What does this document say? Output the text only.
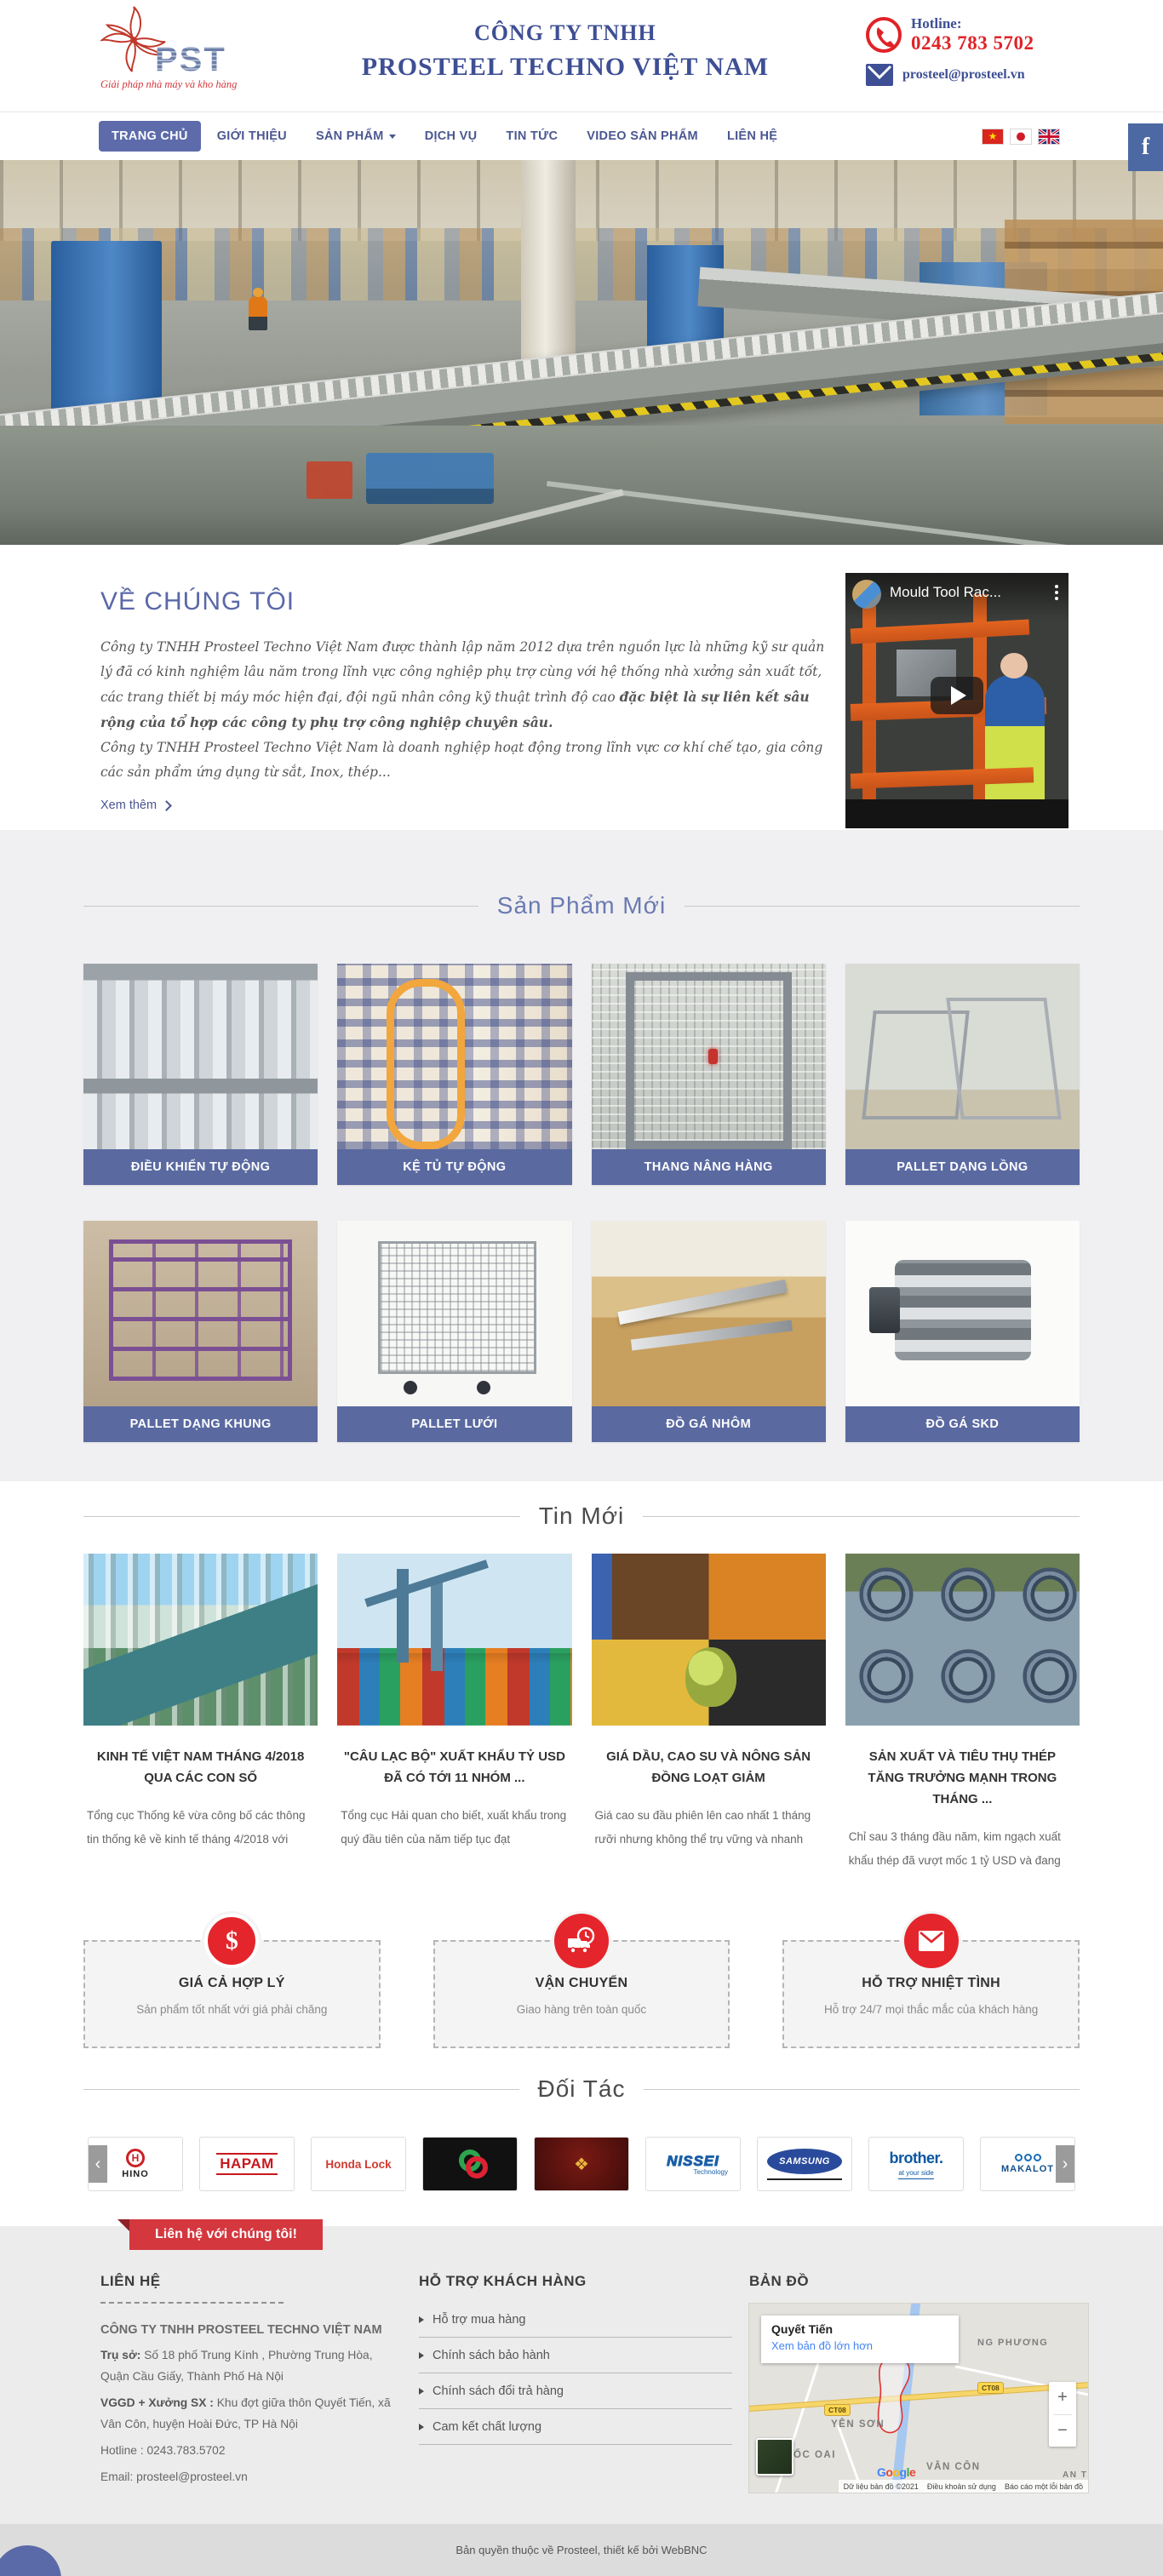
PST
Giải pháp nhà máy và kho hàng
CÔNG TY TNHH
PROSTEEL TECHNO VIỆT NAM
Hotline:
0243 783 5702
prosteel@prosteel.vn
TRANG CHỦ	GIỚI THIỆU	SẢN PHẨM	DỊCH VỤ	TIN TỨC	VIDEO SẢN PHẨM	LIÊN HỆ	f
VỀ CHÚNG TÔI

Công ty TNHH Prosteel Techno Việt Nam được thành lập năm 2012 dựa trên nguồn lực là những kỹ sư quản lý đã có kinh nghiệm lâu năm trong lĩnh vực công nghiệp phụ trợ cùng với hệ thống nhà xưởng sản xuất tốt, các trang thiết bị máy móc hiện đại, đội ngũ nhân công kỹ thuật trình độ cao đặc biệt là sự liên kết sâu rộng của tổ hợp các công ty phụ trợ công nghiệp chuyên sâu.

Công ty TNHH Prosteel Techno Việt Nam là doanh nghiệp hoạt động trong lĩnh vực cơ khí chế tạo, gia công các sản phẩm ứng dụng từ sắt, Inox, thép...

Xem thêm
Mould Tool Rac...
Sản Phẩm Mới
ĐIỀU KHIỂN TỰ ĐỘNG	KỆ TỦ TỰ ĐỘNG	THANG NÂNG HÀNG	PALLET DẠNG LỒNG
PALLET DẠNG KHUNG	PALLET LƯỚI	ĐỒ GÁ NHÔM	ĐỒ GÁ SKD
Tin Mới
KINH TẾ VIỆT NAM THÁNG 4/2018 QUA CÁC CON SỐ
Tổng cục Thống kê vừa công bố các thông tin thống kê về kinh tế tháng 4/2018 với
"CÂU LẠC BỘ" XUẤT KHẨU TỶ USD ĐÃ CÓ TỚI 11 NHÓM ...
Tổng cục Hải quan cho biết, xuất khẩu trong quý đầu tiên của năm tiếp tục đạt
GIÁ DẦU, CAO SU VÀ NÔNG SẢN ĐỒNG LOẠT GIẢM
Giá cao su đầu phiên lên cao nhất 1 tháng rưỡi nhưng không thể trụ vững và nhanh
SẢN XUẤT VÀ TIÊU THỤ THÉP TĂNG TRƯỞNG MẠNH TRONG THÁNG ...
Chỉ sau 3 tháng đầu năm, kim ngạch xuất khẩu thép đã vượt mốc 1 tỷ USD và đang
$
GIÁ CẢ HỢP LÝ
Sản phẩm tốt nhất với giá phải chăng
VẬN CHUYỂN
Giao hàng trên toàn quốc
HỖ TRỢ NHIỆT TÌNH
Hỗ trợ 24/7 mọi thắc mắc của khách hàng
Đối Tác
‹	H
HINO
HAPAM	Honda Lock	❖	NISSEI
Technology
SAMSUNG	brother.
at your side	MAKALOT ›
Liên hệ với chúng tôi!
LIÊN HỆ
CÔNG TY TNHH PROSTEEL TECHNO VIỆT NAM
Trụ sở: Số 18 phố Trung Kính , Phường Trung Hòa, Quận Cầu Giấy, Thành Phố Hà Nội
VGGD + Xưởng SX : Khu đợt giữa thôn Quyết Tiến, xã Vân Côn, huyện Hoài Đức, TP Hà Nội
Hotline : 0243.783.5702
Email: prosteel@prosteel.vn
HỖ TRỢ KHÁCH HÀNG
Hỗ trợ mua hàng
Chính sách bảo hành
Chính sách đổi trả hàng
Cam kết chất lượng
BẢN ĐỒ
CT08
CT08
NG PHƯƠNG
YÊN SƠN
ỐC OAI
VÂN CÔN
AN T
Quyết Tiến
Xem bản đồ lớn hơn
+
−
Google
Dữ liệu bản đồ ©2021 Điều khoản sử dụng Báo cáo một lỗi bản đồ
Bản quyền thuộc về Prosteel, thiết kế bởi WebBNC
